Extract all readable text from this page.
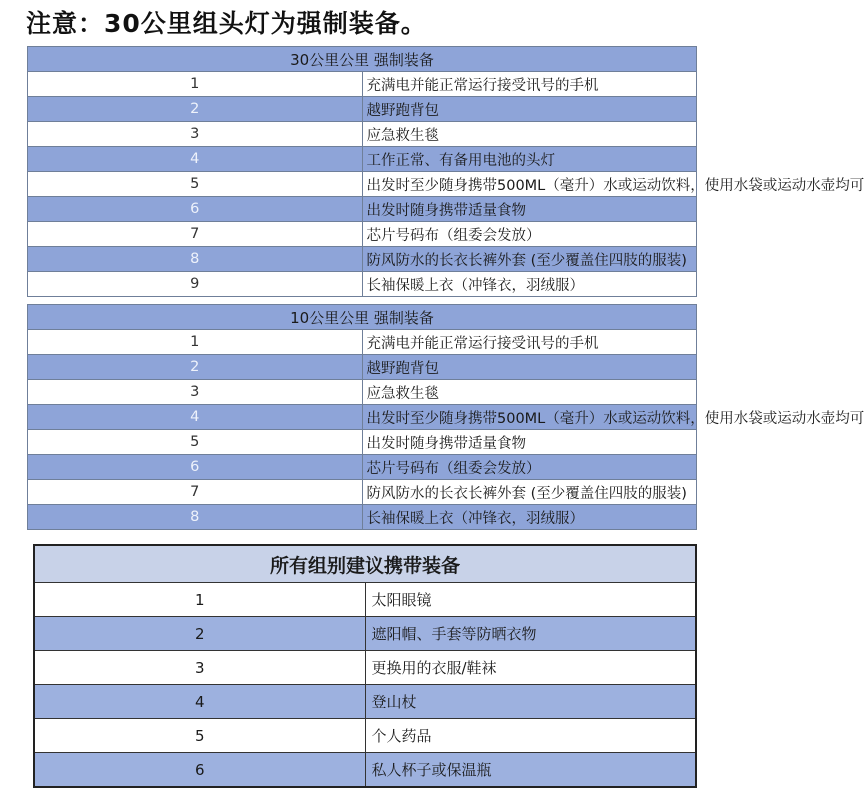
注意：30公里组头灯为强制装备。
30公里公里 强制装备	
1	充满电并能正常运行接受讯号的手机
2	越野跑背包
3	应急救生毯
4	工作正常、有备用电池的头灯
5	出发时至少随身携带500ML（毫升）水或运动饮料，使用水袋或运动水壶均可
6	出发时随身携带适量食物
7	芯片号码布（组委会发放）
8	防风防水的长衣长裤外套 (至少覆盖住四肢的服装)
9	长袖保暖上衣（冲锋衣，羽绒服）
10公里公里 强制装备	
1	充满电并能正常运行接受讯号的手机
2	越野跑背包
3	应急救生毯
4	出发时至少随身携带500ML（毫升）水或运动饮料，使用水袋或运动水壶均可
5	出发时随身携带适量食物
6	芯片号码布（组委会发放）
7	防风防水的长衣长裤外套 (至少覆盖住四肢的服装)
8	长袖保暖上衣（冲锋衣，羽绒服）
所有组别建议携带装备	
1	太阳眼镜
2	遮阳帽、手套等防晒衣物
3	更换用的衣服/鞋袜
4	登山杖
5	个人药品
6	私人杯子或保温瓶
